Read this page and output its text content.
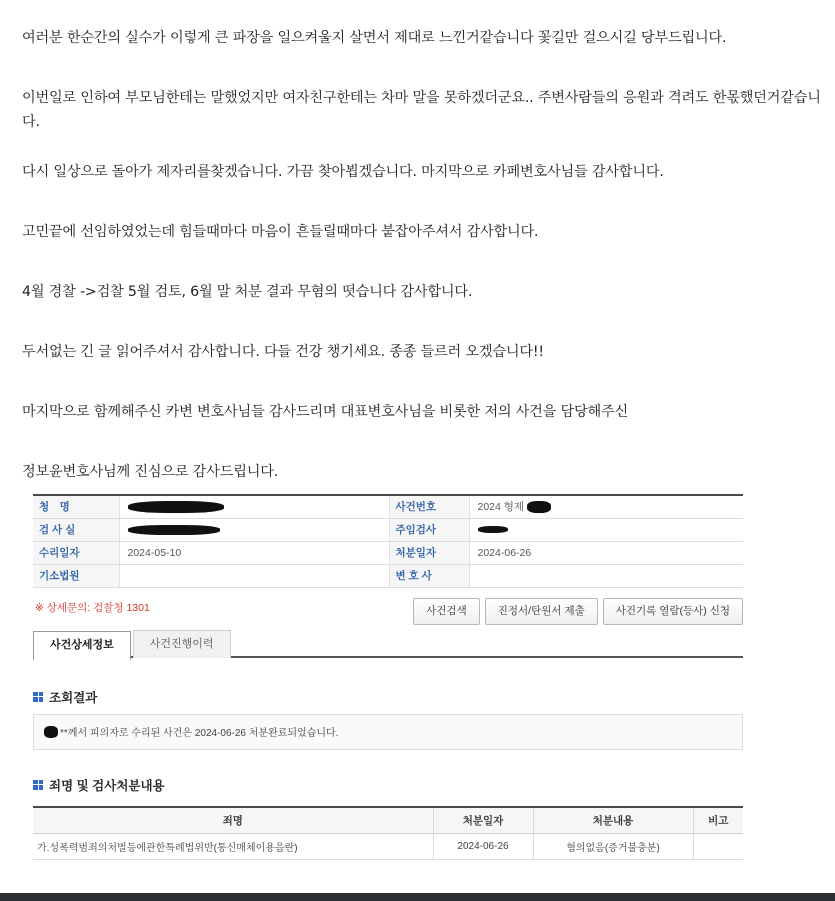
여러분 한순간의 실수가 이렇게 큰 파장을 일으켜울지 살면서 제대로 느낀거같습니다 꽃길만 걸으시길 당부드립니다.

이번일로 인하여 부모님한테는 말했었지만 여자친구한테는 차마 말을 못하겠더군요.. 주변사람들의 응원과 격려도 한몫했던거같습니다.

다시 일상으로 돌아가 제자리를찾겠습니다. 가끔 찾아뵙겠습니다. 마지막으로 카페변호사님들 감사합니다.

고민끝에 선임하였었는데 힘들때마다 마음이 흔들릴때마다 붙잡아주셔서 감사합니다.

4월 경찰 ->검찰 5월 검토, 6월 말 처분 결과 무혐의 떳습니다 감사합니다.

두서없는 긴 글 읽어주셔서 감사합니다. 다들 건강 챙기세요. 종종 들르러 오겠습니다!!

마지막으로 함께해주신 카변 변호사님들 감사드리며 대표변호사님을 비롯한 저의 사건을 담당해주신

정보윤변호사님께 진심으로 감사드립니다.

청　명		사건번호	2024 형제
검 사 실		주임검사	
수리일자	2024-05-10	처분일자	2024-06-26
기소법원		변 호 사	
※ 상세문의: 검찰청 1301	사건검색	진정서/탄원서 제출	사건기록 열람(등사) 신청
사건상세정보	사건진행이력
조회결과
**께서 피의자로 수리된 사건은 2024-06-26 처분완료되었습니다.
죄명 및 검사처분내용
죄명	처분일자	처분내용	비고
가.성폭력범죄의처벌등에관한특례법위반(통신매체이용음란)	2024-06-26	혐의없음(증거불충분)	
